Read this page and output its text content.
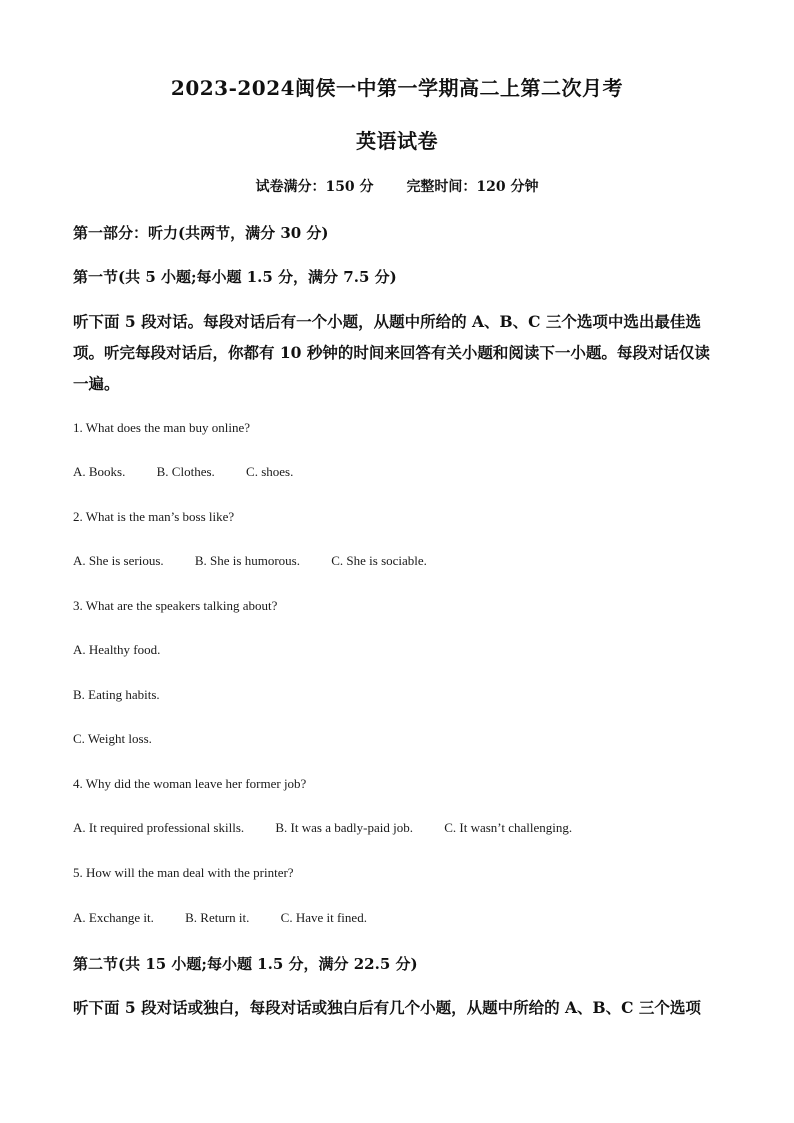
2023-2024闽侯一中第一学期高二上第二次月考
英语试卷
试卷满分：150 分 完整时间：120 分钟
第一部分：听力(共两节，满分 30 分)
第一节(共 5 小题;每小题 1.5 分，满分 7.5 分)
听下面 5 段对话。每段对话后有一个小题，从题中所给的 A、B、C 三个选项中选出最佳选项。听完每段对话后，你都有 10 秒钟的时间来回答有关小题和阅读下一小题。每段对话仅读一遍。
1. What does the man buy online?
A. Books. B. Clothes. C. shoes.
2. What is the man’s boss like?
A. She is serious. B. She is humorous. C. She is sociable.
3. What are the speakers talking about?
A. Healthy food.
B. Eating habits.
C. Weight loss.
4. Why did the woman leave her former job?
A. It required professional skills. B. It was a badly-paid job. C. It wasn’t challenging.
5. How will the man deal with the printer?
A. Exchange it. B. Return it. C. Have it fined.
第二节(共 15 小题;每小题 1.5 分，满分 22.5 分)
听下面 5 段对话或独白，每段对话或独白后有几个小题，从题中所给的 A、B、C 三个选项
